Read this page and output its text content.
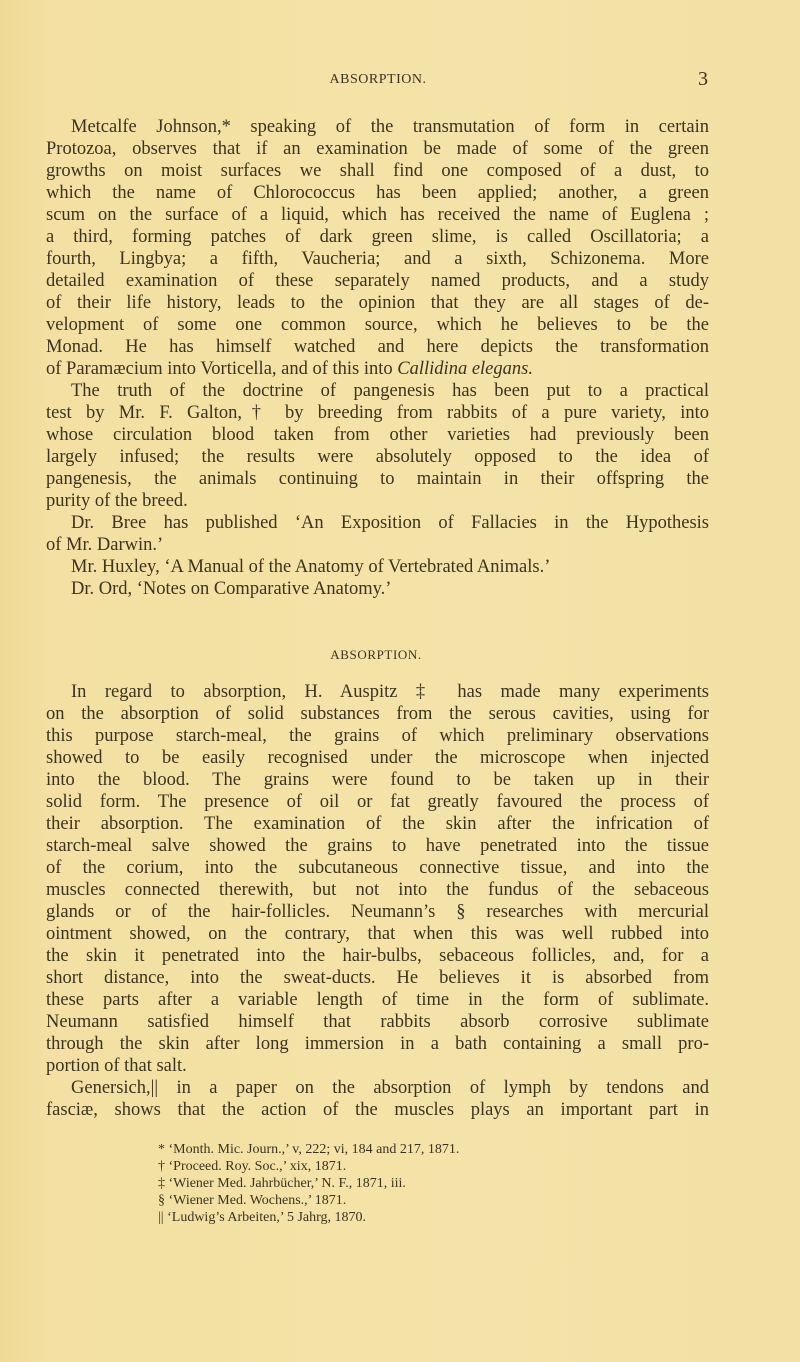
ABSORPTION.	3
Metcalfe Johnson,* speaking of the transmutation of form in certain
Protozoa, observes that if an examination be made of some of the green
growths on moist surfaces we shall find one composed of a dust, to
which the name of Chlorococcus has been applied; another, a green
scum on the surface of a liquid, which has received the name of Euglena ;
a third, forming patches of dark green slime, is called Oscillatoria; a
fourth, Lingbya; a fifth, Vaucheria; and a sixth, Schizonema. More
detailed examination of these separately named products, and a study
of their life history, leads to the opinion that they are all stages of de-
velopment of some one common source, which he believes to be the
Monad. He has himself watched and here depicts the transformation
of Paramæcium into Vorticella, and of this into Callidina elegans.
The truth of the doctrine of pangenesis has been put to a practical
test by Mr. F. Galton,† by breeding from rabbits of a pure variety, into
whose circulation blood taken from other varieties had previously been
largely infused; the results were absolutely opposed to the idea of
pangenesis, the animals continuing to maintain in their offspring the
purity of the breed.
Dr. Bree has published ‘An Exposition of Fallacies in the Hypothesis
of Mr. Darwin.’
Mr. Huxley, ‘A Manual of the Anatomy of Vertebrated Animals.’
Dr. Ord, ‘Notes on Comparative Anatomy.’
ABSORPTION.
In regard to absorption, H. Auspitz ‡ has made many experiments
on the absorption of solid substances from the serous cavities, using for
this purpose starch-meal, the grains of which preliminary observations
showed to be easily recognised under the microscope when injected
into the blood. The grains were found to be taken up in their
solid form. The presence of oil or fat greatly favoured the process of
their absorption. The examination of the skin after the infrication of
starch-meal salve showed the grains to have penetrated into the tissue
of the corium, into the subcutaneous connective tissue, and into the
muscles connected therewith, but not into the fundus of the sebaceous
glands or of the hair-follicles. Neumann’s § researches with mercurial
ointment showed, on the contrary, that when this was well rubbed into
the skin it penetrated into the hair-bulbs, sebaceous follicles, and, for a
short distance, into the sweat-ducts. He believes it is absorbed from
these parts after a variable length of time in the form of sublimate.
Neumann satisfied himself that rabbits absorb corrosive sublimate
through the skin after long immersion in a bath containing a small pro-
portion of that salt.
Genersich,|| in a paper on the absorption of lymph by tendons and
fasciæ, shows that the action of the muscles plays an important part in
* ‘Month. Mic. Journ.,’ v, 222; vi, 184 and 217, 1871.
† ‘Proceed. Roy. Soc.,’ xix, 1871.
‡ ‘Wiener Med. Jahrbücher,’ N. F., 1871, iii.
§ ‘Wiener Med. Wochens.,’ 1871.
|| ‘Ludwig’s Arbeiten,’ 5 Jahrg, 1870.
